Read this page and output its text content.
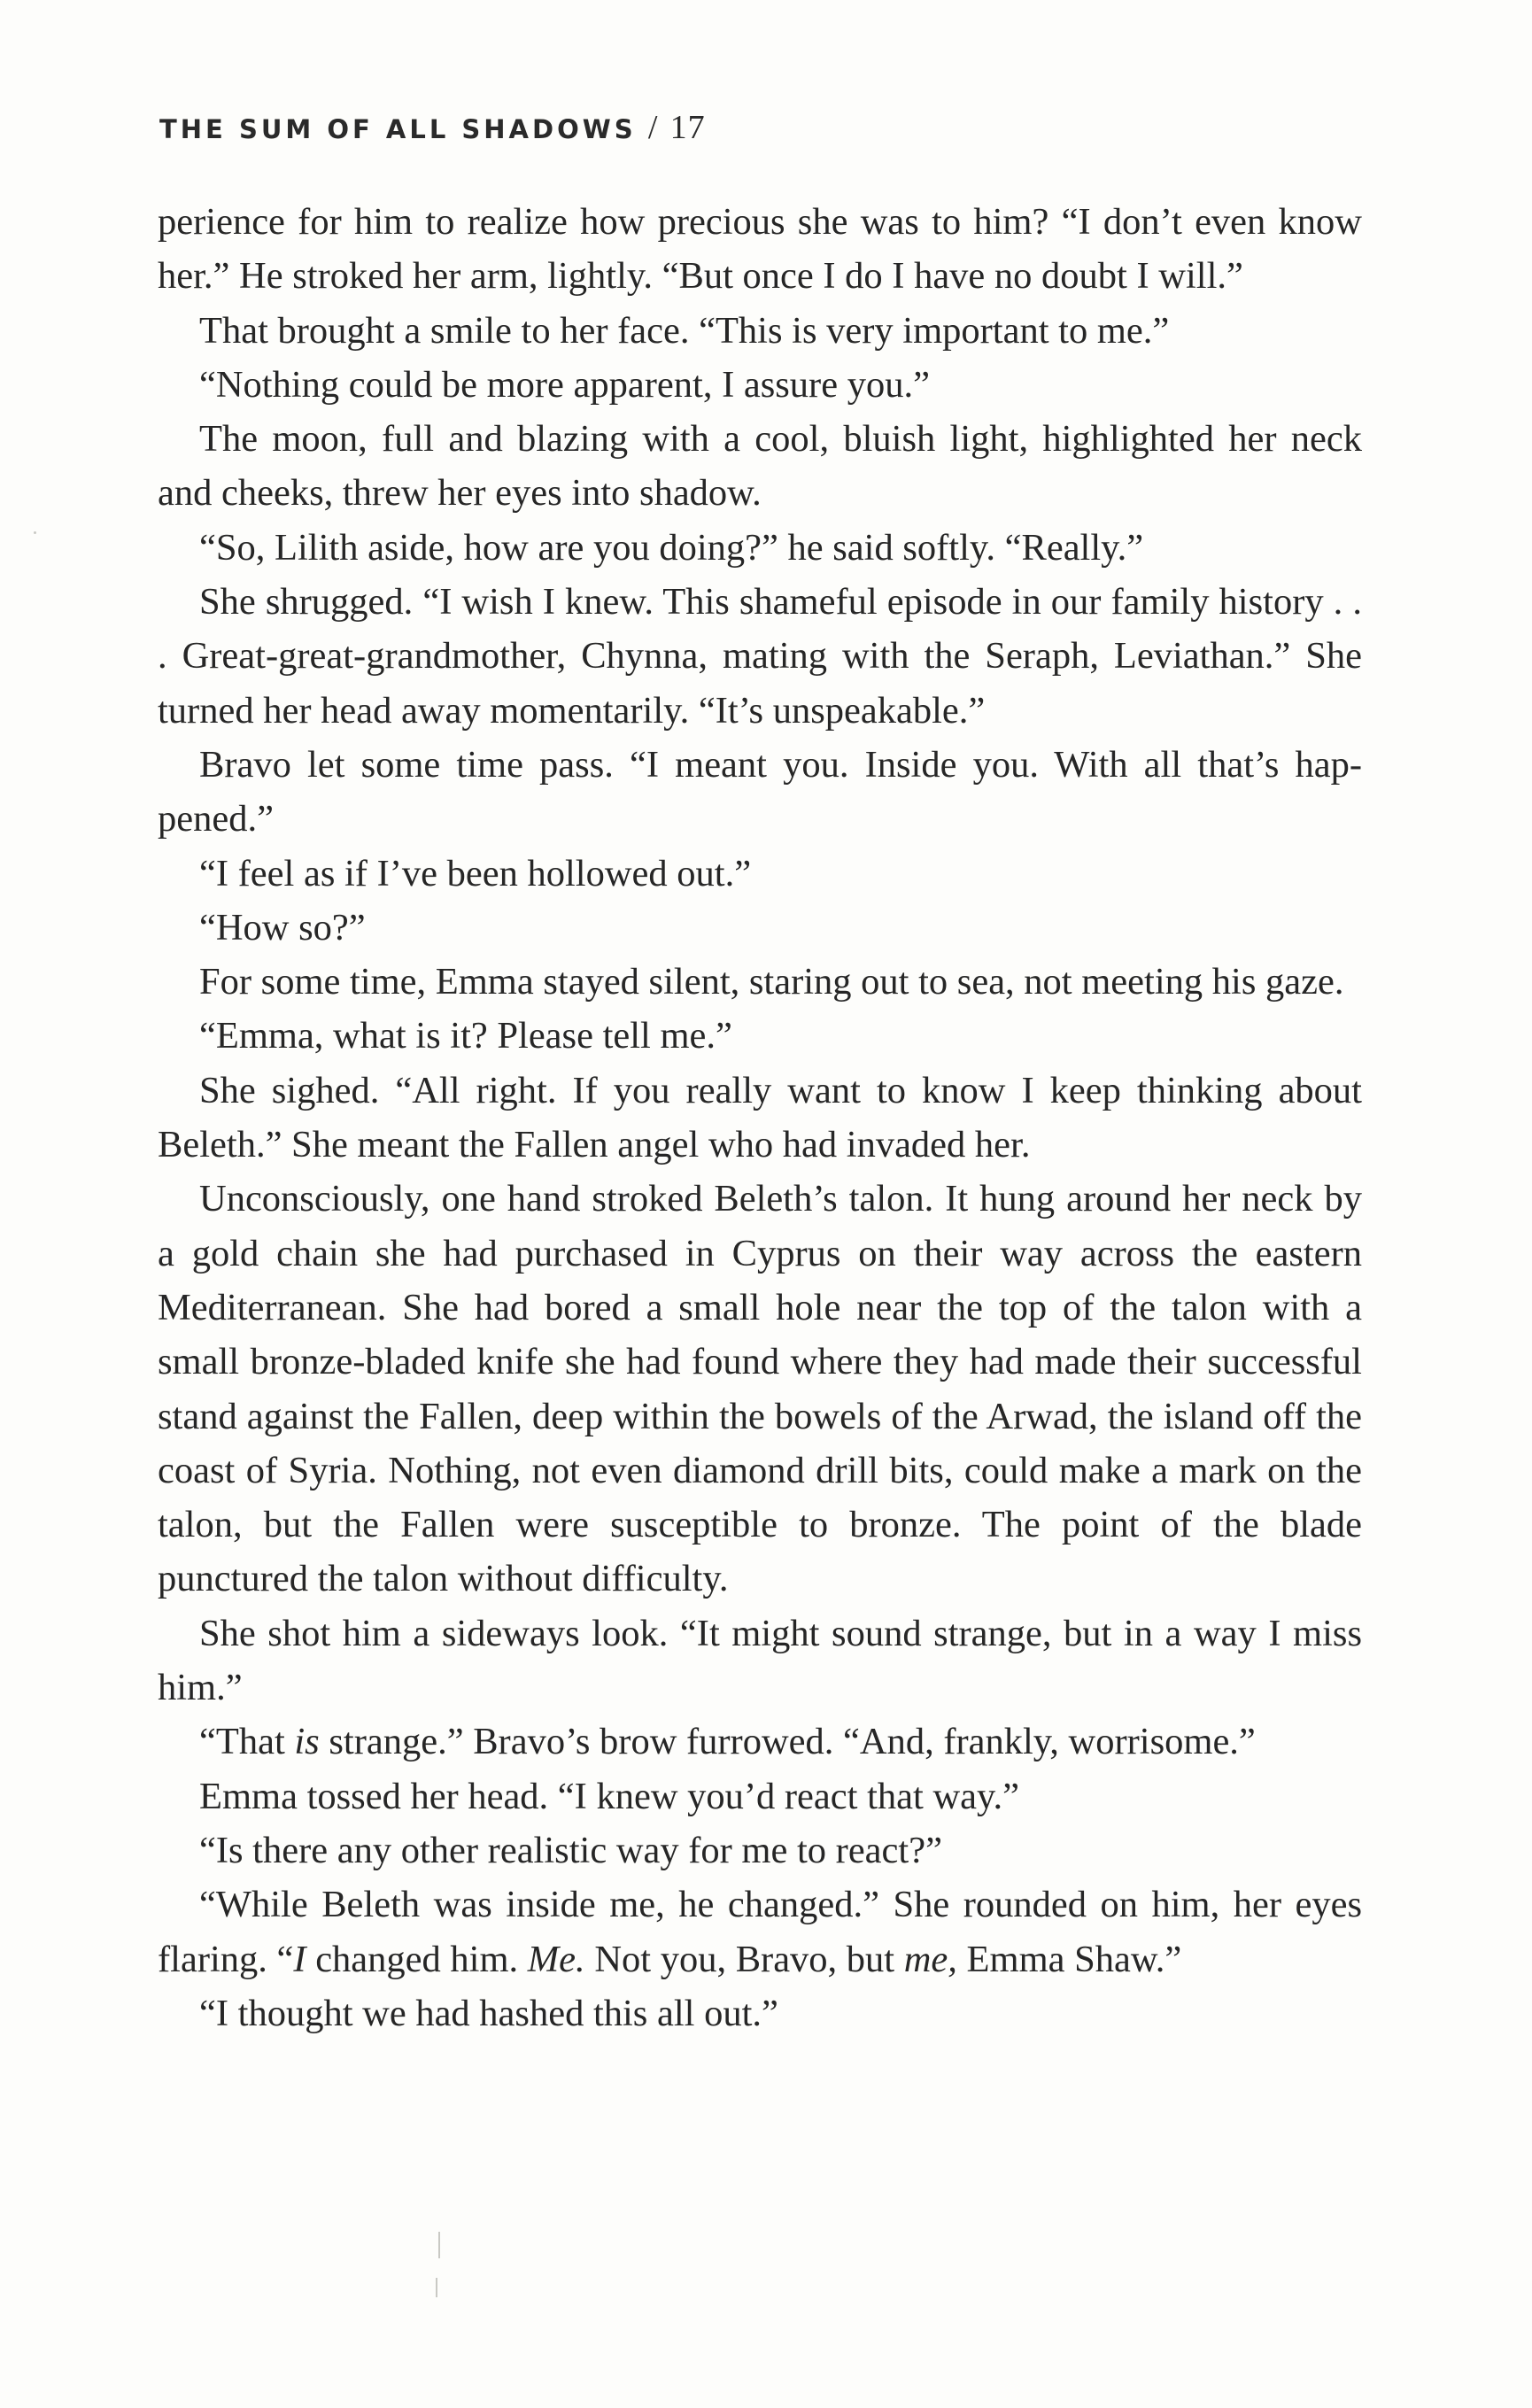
THE SUM OF ALL SHADOWS / 17

perience for him to realize how precious she was to him? “I don’t even know her.” He stroked her arm, lightly. “But once I do I have no doubt I will.”

That brought a smile to her face. “This is very important to me.”

“Nothing could be more apparent, I assure you.”

The moon, full and blazing with a cool, bluish light, highlighted her neck and cheeks, threw her eyes into shadow.

“So, Lilith aside, how are you doing?” he said softly. “Really.”

She shrugged. “I wish I knew. This shameful episode in our family history . . . Great-great-grandmother, Chynna, mating with the Seraph, Leviathan.” She turned her head away momentarily. “It’s unspeakable.”

Bravo let some time pass. “I meant you. Inside you. With all that’s happened.”

“I feel as if I’ve been hollowed out.”

“How so?”

For some time, Emma stayed silent, staring out to sea, not meeting his gaze.

“Emma, what is it? Please tell me.”

She sighed. “All right. If you really want to know I keep thinking about Beleth.” She meant the Fallen angel who had invaded her.

Unconsciously, one hand stroked Beleth’s talon. It hung around her neck by a gold chain she had purchased in Cyprus on their way across the eastern Mediterranean. She had bored a small hole near the top of the talon with a small bronze-bladed knife she had found where they had made their successful stand against the Fallen, deep within the bowels of the Arwad, the island off the coast of Syria. Nothing, not even diamond drill bits, could make a mark on the talon, but the Fallen were susceptible to bronze. The point of the blade punctured the talon without difficulty.

She shot him a sideways look. “It might sound strange, but in a way I miss him.”

“That is strange.” Bravo’s brow furrowed. “And, frankly, worrisome.”

Emma tossed her head. “I knew you’d react that way.”

“Is there any other realistic way for me to react?”

“While Beleth was inside me, he changed.” She rounded on him, her eyes flaring. “I changed him. Me. Not you, Bravo, but me, Emma Shaw.”

“I thought we had hashed this all out.”
